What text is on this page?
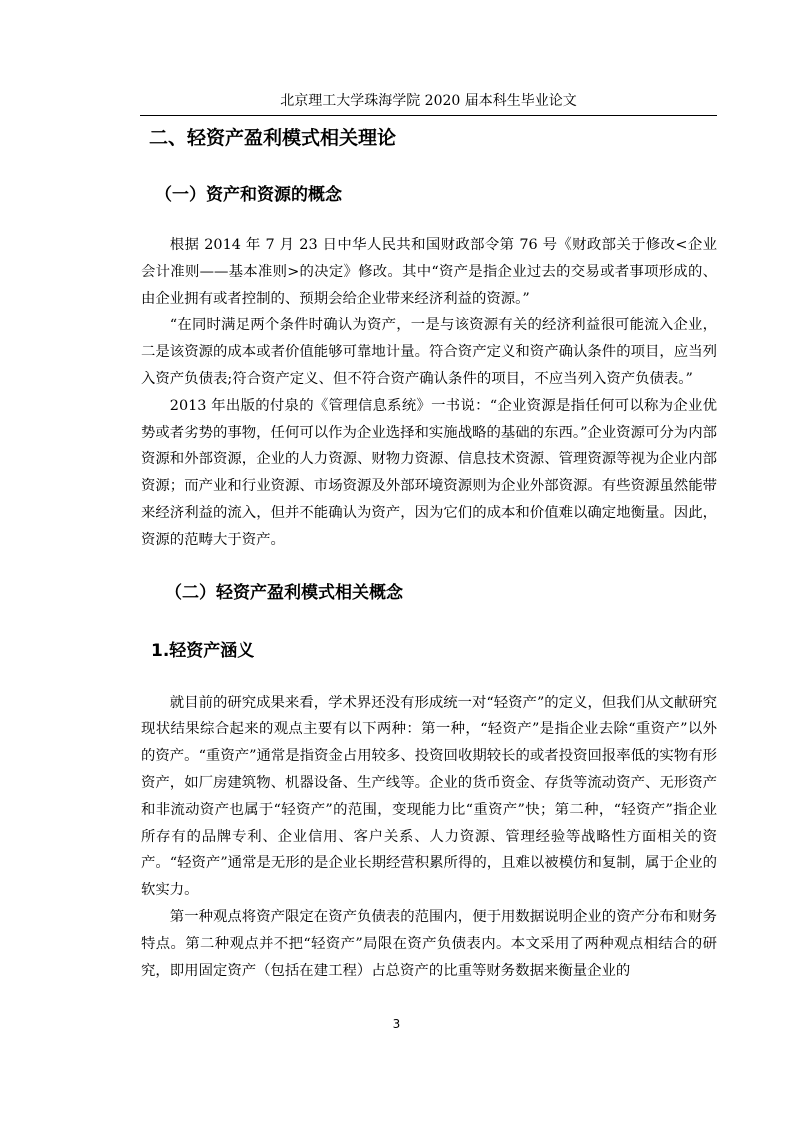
北京理工大学珠海学院 2020 届本科生毕业论文
二、轻资产盈利模式相关理论
（一）资产和资源的概念

根据 2014 年 7 月 23 日中华人民共和国财政部令第 76 号《财政部关于修改<企业会计准则——基本准则>的决定》修改。其中“资产是指企业过去的交易或者事项形成的、由企业拥有或者控制的、预期会给企业带来经济利益的资源。”

“在同时满足两个条件时确认为资产，一是与该资源有关的经济利益很可能流入企业，二是该资源的成本或者价值能够可靠地计量。符合资产定义和资产确认条件的项目，应当列入资产负债表;符合资产定义、但不符合资产确认条件的项目，不应当列入资产负债表。”

2013 年出版的付泉的《管理信息系统》一书说：“企业资源是指任何可以称为企业优势或者劣势的事物，任何可以作为企业选择和实施战略的基础的东西。”企业资源可分为内部资源和外部资源，企业的人力资源、财物力资源、信息技术资源、管理资源等视为企业内部资源；而产业和行业资源、市场资源及外部环境资源则为企业外部资源。有些资源虽然能带来经济利益的流入，但并不能确认为资产，因为它们的成本和价值难以确定地衡量。因此，资源的范畴大于资产。

（二）轻资产盈利模式相关概念
1.轻资产涵义

就目前的研究成果来看，学术界还没有形成统一对“轻资产”的定义，但我们从文献研究现状结果综合起来的观点主要有以下两种：第一种，“轻资产”是指企业去除“重资产”以外的资产。“重资产”通常是指资金占用较多、投资回收期较长的或者投资回报率低的实物有形资产，如厂房建筑物、机器设备、生产线等。企业的货币资金、存货等流动资产、无形资产和非流动资产也属于“轻资产”的范围，变现能力比“重资产”快；第二种，“轻资产”指企业所存有的品牌专利、企业信用、客户关系、人力资源、管理经验等战略性方面相关的资产。“轻资产”通常是无形的是企业长期经营积累所得的，且难以被模仿和复制，属于企业的软实力。

第一种观点将资产限定在资产负债表的范围内，便于用数据说明企业的资产分布和财务特点。第二种观点并不把“轻资产”局限在资产负债表内。本文采用了两种观点相结合的研究，即用固定资产（包括在建工程）占总资产的比重等财务数据来衡量企业的

3
